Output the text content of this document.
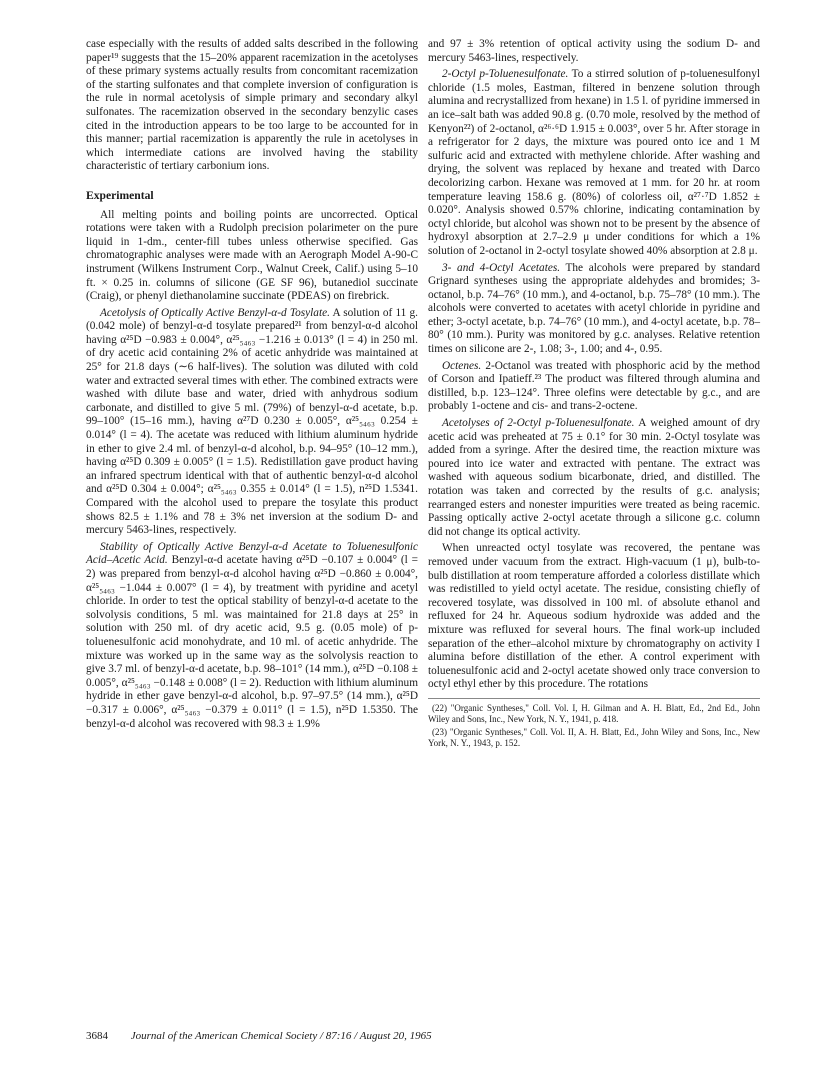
case especially with the results of added salts described in the following paper¹⁹ suggests that the 15–20% apparent racemization in the acetolyses of these primary systems actually results from concomitant racemization of the starting sulfonates and that complete inversion of configuration is the rule in normal acetolysis of simple primary and secondary alkyl sulfonates. The racemization observed in the secondary benzylic cases cited in the introduction appears to be too large to be accounted for in this manner; partial racemization is apparently the rule in acetolyses in which intermediate cations are involved having the stability characteristic of tertiary carbonium ions.

Experimental

All melting points and boiling points are uncorrected. Optical rotations were taken with a Rudolph precision polarimeter on the pure liquid in 1-dm., center-fill tubes unless otherwise specified. Gas chromatographic analyses were made with an Aerograph Model A-90-C instrument (Wilkens Instrument Corp., Walnut Creek, Calif.) using 5–10 ft. × 0.25 in. columns of silicone (GE SF 96), butanediol succinate (Craig), or phenyl diethanolamine succinate (PDEAS) on firebrick.

Acetolysis of Optically Active Benzyl-α-d Tosylate. A solution of 11 g. (0.042 mole) of benzyl-α-d tosylate prepared²¹ from benzyl-α-d alcohol having α²⁵D −0.983 ± 0.004°, α²⁵₅₄₆₃ −1.216 ± 0.013° (l = 4) in 250 ml. of dry acetic acid containing 2% of acetic anhydride was maintained at 25° for 21.8 days (∼6 half-lives). The solution was diluted with cold water and extracted several times with ether. The combined extracts were washed with dilute base and water, dried with anhydrous sodium carbonate, and distilled to give 5 ml. (79%) of benzyl-α-d acetate, b.p. 99–100° (15–16 mm.), having α²⁷D 0.230 ± 0.005°, α²⁵₅₄₆₃ 0.254 ± 0.014° (l = 4). The acetate was reduced with lithium aluminum hydride in ether to give 2.4 ml. of benzyl-α-d alcohol, b.p. 94–95° (10–12 mm.), having α²⁵D 0.309 ± 0.005° (l = 1.5). Redistillation gave product having an infrared spectrum identical with that of authentic benzyl-α-d alcohol and α²⁵D 0.304 ± 0.004°; α²⁵₅₄₆₃ 0.355 ± 0.014° (l = 1.5), n²⁵D 1.5341. Compared with the alcohol used to prepare the tosylate this product shows 82.5 ± 1.1% and 78 ± 3% net inversion at the sodium D- and mercury 5463-lines, respectively.

Stability of Optically Active Benzyl-α-d Acetate to Toluenesulfonic Acid–Acetic Acid. Benzyl-α-d acetate having α²⁵D −0.107 ± 0.004° (l = 2) was prepared from benzyl-α-d alcohol having α²⁵D −0.860 ± 0.004°, α²⁵₅₄₆₃ −1.044 ± 0.007° (l = 4), by treatment with pyridine and acetyl chloride. In order to test the optical stability of benzyl-α-d acetate to the solvolysis conditions, 5 ml. was maintained for 21.8 days at 25° in solution with 250 ml. of dry acetic acid, 9.5 g. (0.05 mole) of p-toluenesulfonic acid monohydrate, and 10 ml. of acetic anhydride. The mixture was worked up in the same way as the solvolysis reaction to give 3.7 ml. of benzyl-α-d acetate, b.p. 98–101° (14 mm.), α²⁵D −0.108 ± 0.005°, α²⁵₅₄₆₃ −0.148 ± 0.008° (l = 2). Reduction with lithium aluminum hydride in ether gave benzyl-α-d alcohol, b.p. 97–97.5° (14 mm.), α²⁵D −0.317 ± 0.006°, α²⁵₅₄₆₃ −0.379 ± 0.011° (l = 1.5), n²⁵D 1.5350. The benzyl-α-d alcohol was recovered with 98.3 ± 1.9%

and 97 ± 3% retention of optical activity using the sodium D- and mercury 5463-lines, respectively.

2-Octyl p-Toluenesulfonate. To a stirred solution of p-toluenesulfonyl chloride (1.5 moles, Eastman, filtered in benzene solution through alumina and recrystallized from hexane) in 1.5 l. of pyridine immersed in an ice–salt bath was added 90.8 g. (0.70 mole, resolved by the method of Kenyon²²) of 2-octanol, α²⁶·⁶D 1.915 ± 0.003°, over 5 hr. After storage in a refrigerator for 2 days, the mixture was poured onto ice and 1 M sulfuric acid and extracted with methylene chloride. After washing and drying, the solvent was replaced by hexane and treated with Darco decolorizing carbon. Hexane was removed at 1 mm. for 20 hr. at room temperature leaving 158.6 g. (80%) of colorless oil, α²⁷·⁷D 1.852 ± 0.020°. Analysis showed 0.57% chlorine, indicating contamination by octyl chloride, but alcohol was shown not to be present by the absence of hydroxyl absorption at 2.7–2.9 μ under conditions for which a 1% solution of 2-octanol in 2-octyl tosylate showed 40% absorption at 2.8 μ.

3- and 4-Octyl Acetates. The alcohols were prepared by standard Grignard syntheses using the appropriate aldehydes and bromides; 3-octanol, b.p. 74–76° (10 mm.), and 4-octanol, b.p. 75–78° (10 mm.). The alcohols were converted to acetates with acetyl chloride in pyridine and ether; 3-octyl acetate, b.p. 74–76° (10 mm.), and 4-octyl acetate, b.p. 78–80° (10 mm.). Purity was monitored by g.c. analyses. Relative retention times on silicone are 2-, 1.08; 3-, 1.00; and 4-, 0.95.

Octenes. 2-Octanol was treated with phosphoric acid by the method of Corson and Ipatieff.²³ The product was filtered through alumina and distilled, b.p. 123–124°. Three olefins were detectable by g.c., and are probably 1-octene and cis- and trans-2-octene.

Acetolyses of 2-Octyl p-Toluenesulfonate. A weighed amount of dry acetic acid was preheated at 75 ± 0.1° for 30 min. 2-Octyl tosylate was added from a syringe. After the desired time, the reaction mixture was poured into ice water and extracted with pentane. The extract was washed with aqueous sodium bicarbonate, dried, and distilled. The rotation was taken and corrected by the results of g.c. analysis; rearranged esters and nonester impurities were treated as being racemic. Passing optically active 2-octyl acetate through a silicone g.c. column did not change its optical activity.

When unreacted octyl tosylate was recovered, the pentane was removed under vacuum from the extract. High-vacuum (1 μ), bulb-to-bulb distillation at room temperature afforded a colorless distillate which was redistilled to yield octyl acetate. The residue, consisting chiefly of recovered tosylate, was dissolved in 100 ml. of absolute ethanol and refluxed for 24 hr. Aqueous sodium hydroxide was added and the mixture was refluxed for several hours. The final work-up included separation of the ether–alcohol mixture by chromatography on activity I alumina before distillation of the ether. A control experiment with toluenesulfonic acid and 2-octyl acetate showed only trace conversion to octyl ethyl ether by this procedure. The rotations

(22) "Organic Syntheses," Coll. Vol. I, H. Gilman and A. H. Blatt, Ed., 2nd Ed., John Wiley and Sons, Inc., New York, N. Y., 1941, p. 418.

(23) "Organic Syntheses," Coll. Vol. II, A. H. Blatt, Ed., John Wiley and Sons, Inc., New York, N. Y., 1943, p. 152.

3684 Journal of the American Chemical Society / 87:16 / August 20, 1965
